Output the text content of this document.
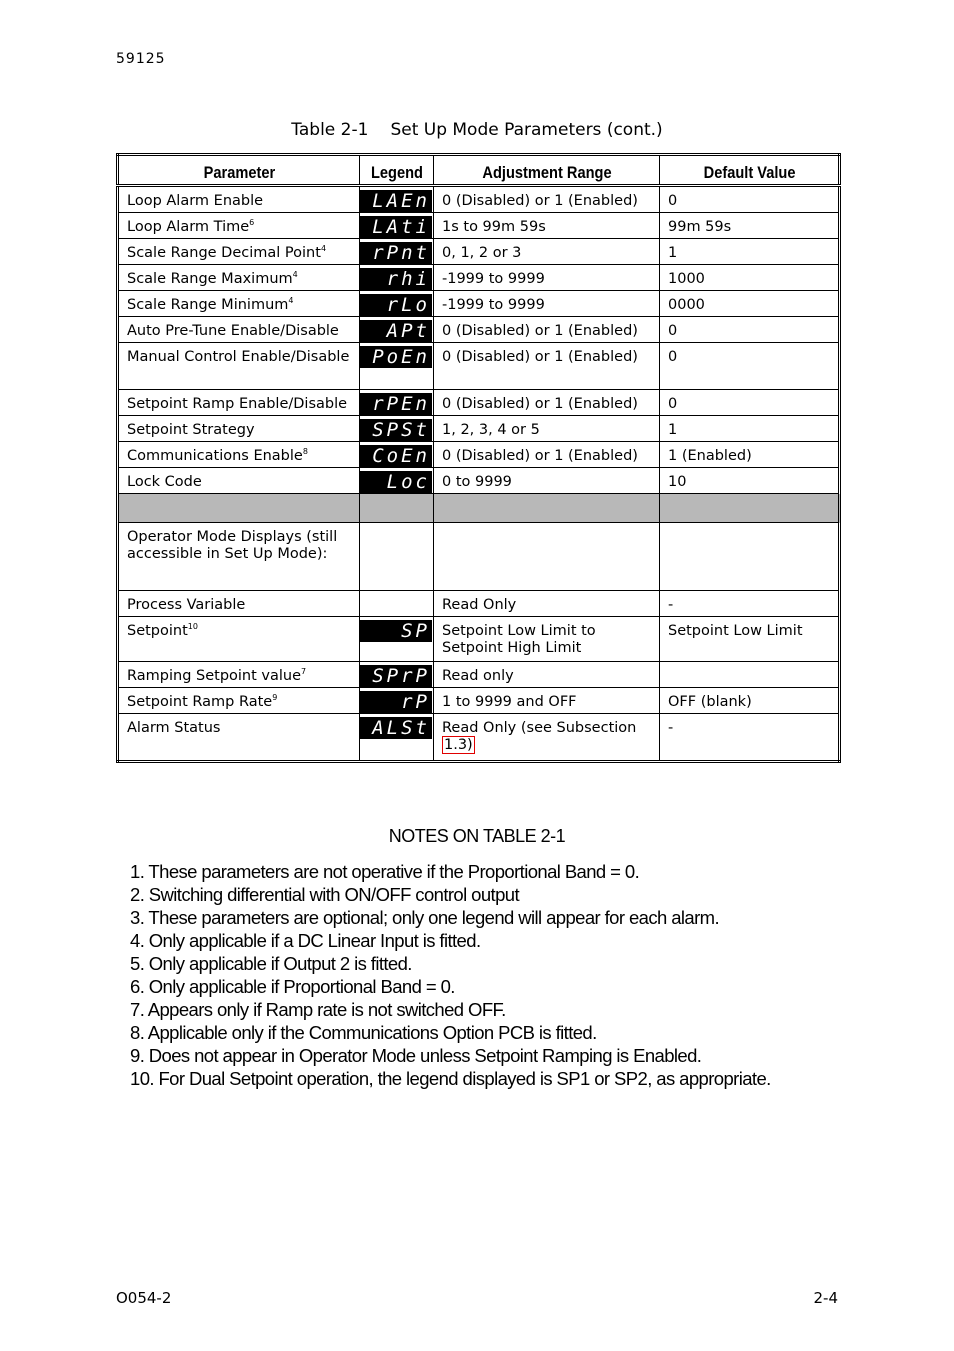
59125
Table 2-1 Set Up Mode Parameters (cont.)
Parameter	Legend	Adjustment Range	Default Value
Loop Alarm Enable	LAEn	0 (Disabled) or 1 (Enabled)	0
Loop Alarm Time$^6$	LAti	1s to 99m 59s	99m 59s
Scale Range Decimal Point$^4$	rPnt	0, 1, 2 or 3	1
Scale Range Maximum$^4$	rhi	-1999 to 9999	1000
Scale Range Minimum$^4$	rLo	-1999 to 9999	0000
Auto Pre-Tune Enable/Disable	APt	0 (Disabled) or 1 (Enabled)	0
Manual Control Enable/Disable	PoEn	0 (Disabled) or 1 (Enabled)	0
Setpoint Ramp Enable/Disable	rPEn	0 (Disabled) or 1 (Enabled)	0
Setpoint Strategy	SPSt	1, 2, 3, 4 or 5	1
Communications Enable$^8$	CoEn	0 (Disabled) or 1 (Enabled)	1 (Enabled)
Lock Code	Loc	0 to 9999	10

Operator Mode Displays (still accessible in Set Up Mode):			
Process Variable		Read Only	-
Setpoint$^{10}$	SP	Setpoint Low Limit to Setpoint High Limit	Setpoint Low Limit
Ramping Setpoint value$^7$	SPrP	Read only	
Setpoint Ramp Rate$^9$	rP	1 to 9999 and OFF	OFF (blank)
Alarm Status	ALSt	Read Only (see Subsection 1.3)	-
NOTES ON TABLE 2-1
1. These parameters are not operative if the Proportional Band = 0.
2. Switching differential with ON/OFF control output
3. These parameters are optional; only one legend will appear for each alarm.
4. Only applicable if a DC Linear Input is fitted.
5. Only applicable if Output 2 is fitted.
6. Only applicable if Proportional Band = 0.
7. Appears only if Ramp rate is not switched OFF.
8. Applicable only if the Communications Option PCB is fitted.
9. Does not appear in Operator Mode unless Setpoint Ramping is Enabled.
10. For Dual Setpoint operation, the legend displayed is SP1 or SP2, as appropriate.
O054-2	2-4
